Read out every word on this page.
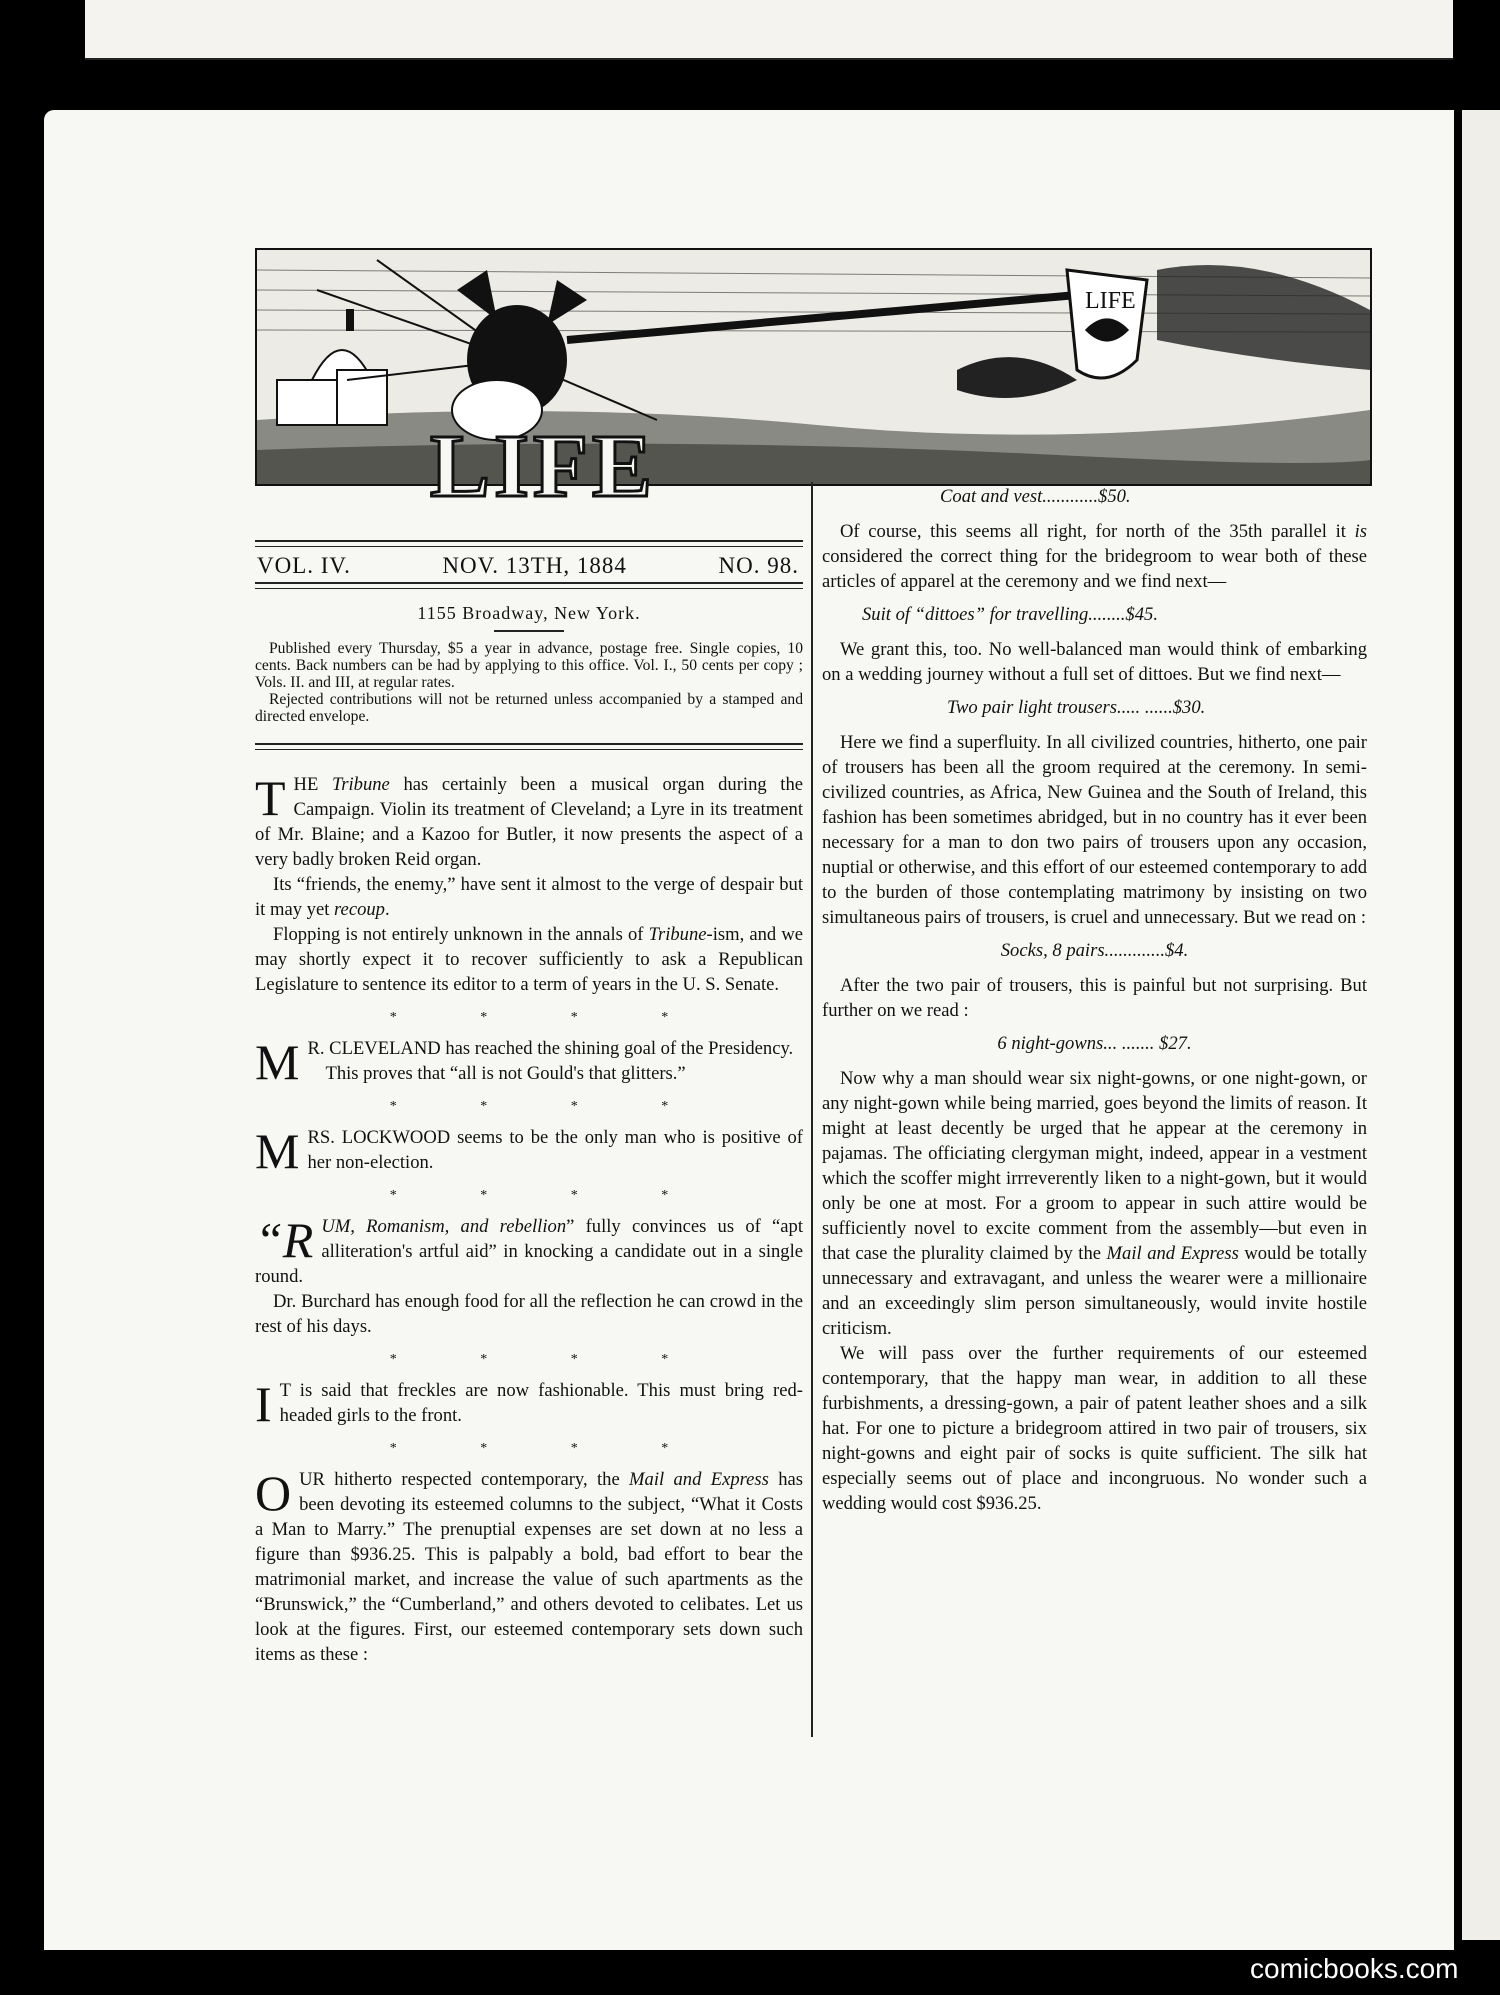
LIFE
LIFE
VOL. IV.	NOV. 13TH, 1884	NO. 98.
1155 Broadway, New York.

Published every Thursday, $5 a year in advance, postage free. Single copies, 10 cents. Back numbers can be had by applying to this office. Vol. I., 50 cents per copy ; Vols. II. and III, at regular rates.

Rejected contributions will not be returned unless accompanied by a stamped and directed envelope.

THE Tribune has certainly been a musical organ during the Campaign. Violin its treatment of Cleveland; a Lyre in its treatment of Mr. Blaine; and a Kazoo for Butler, it now presents the aspect of a very badly broken Reid organ.

Its “friends, the enemy,” have sent it almost to the verge of despair but it may yet recoup.

Flopping is not entirely unknown in the annals of Tribune-ism, and we may shortly expect it to recover sufficiently to ask a Republican Legislature to sentence its editor to a term of years in the U. S. Senate.

* * * *

M R. CLEVELAND has reached the shining goal of the Presidency.

This proves that “all is not Gould's that glitters.”

* * * *

MRS. LOCKWOOD seems to be the only man who is positive of her non-election.

* * * *

“RUM, Romanism, and rebellion” fully convinces us of “apt alliteration's artful aid” in knocking a candidate out in a single round.

Dr. Burchard has enough food for all the reflection he can crowd in the rest of his days.

* * * *

I T is said that freckles are now fashionable. This must bring red-headed girls to the front.

* * * *

OUR hitherto respected contemporary, the Mail and Express has been devoting its esteemed columns to the subject, “What it Costs a Man to Marry.” The prenuptial expenses are set down at no less a figure than $936.25. This is palpably a bold, bad effort to bear the matrimonial market, and increase the value of such apartments as the “Brunswick,” the “Cumberland,” and others devoted to celibates. Let us look at the figures. First, our esteemed contemporary sets down such items as these :

Coat and vest............$50.

Of course, this seems all right, for north of the 35th parallel it is considered the correct thing for the bridegroom to wear both of these articles of apparel at the ceremony and we find next—

Suit of “dittoes” for travelling........$45.

We grant this, too. No well-balanced man would think of embarking on a wedding journey without a full set of dittoes. But we find next—

Two pair light trousers..... ......$30.

Here we find a superfluity. In all civilized countries, hitherto, one pair of trousers has been all the groom required at the ceremony. In semi-civilized countries, as Africa, New Guinea and the South of Ireland, this fashion has been sometimes abridged, but in no country has it ever been necessary for a man to don two pairs of trousers upon any occasion, nuptial or otherwise, and this effort of our esteemed contemporary to add to the burden of those contemplating matrimony by insisting on two simultaneous pairs of trousers, is cruel and unnecessary. But we read on :

Socks, 8 pairs.............$4.

After the two pair of trousers, this is painful but not surprising. But further on we read :

6 night-gowns... ....... $27.

Now why a man should wear six night-gowns, or one night-gown, or any night-gown while being married, goes beyond the limits of reason. It might at least decently be urged that he appear at the ceremony in pajamas. The officiating clergyman might, indeed, appear in a vestment which the scoffer might irrreverently liken to a night-gown, but it would only be one at most. For a groom to appear in such attire would be sufficiently novel to excite comment from the assembly—but even in that case the plurality claimed by the Mail and Express would be totally unnecessary and extravagant, and unless the wearer were a millionaire and an exceedingly slim person simultaneously, would invite hostile criticism.

We will pass over the further requirements of our esteemed contemporary, that the happy man wear, in addition to all these furbishments, a dressing-gown, a pair of patent leather shoes and a silk hat. For one to picture a bridegroom attired in two pair of trousers, six night-gowns and eight pair of socks is quite sufficient. The silk hat especially seems out of place and incongruous. No wonder such a wedding would cost $936.25.

comicbooks.com
